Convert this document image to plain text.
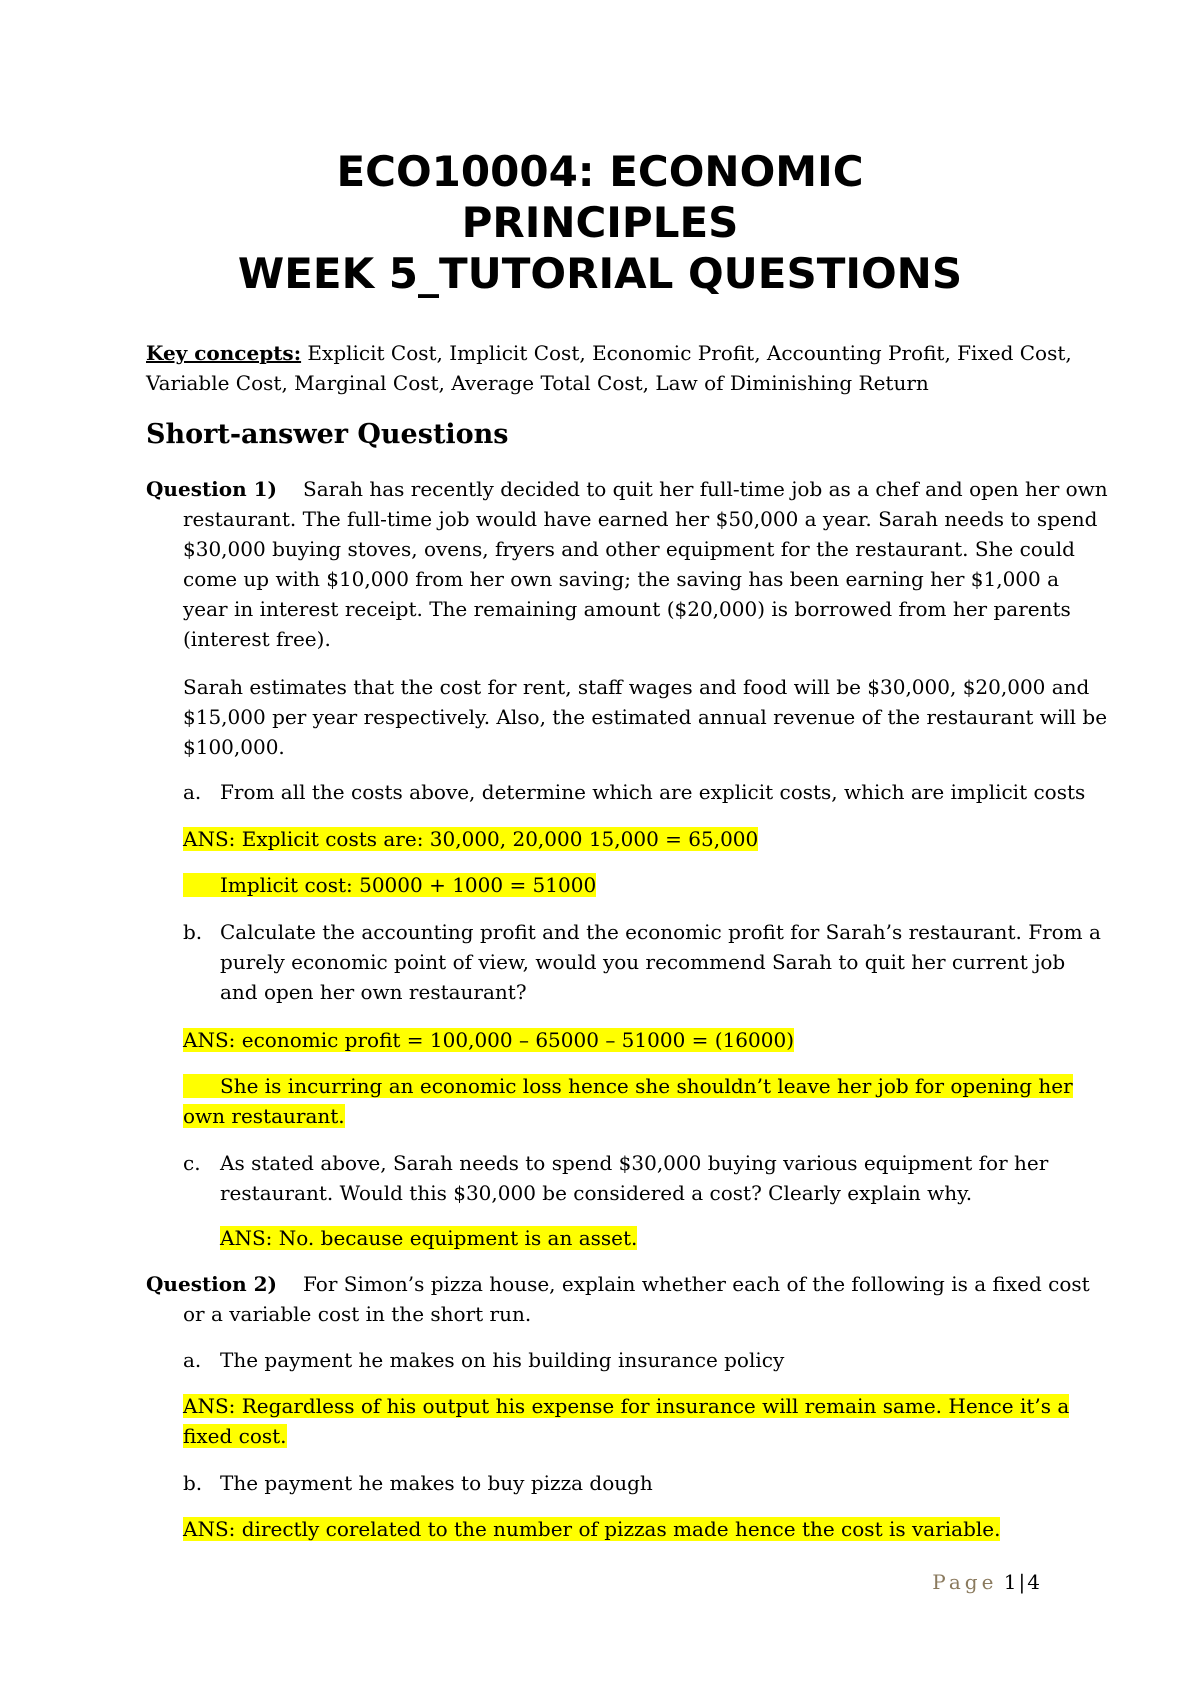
ECO10004: ECONOMIC
PRINCIPLES
WEEK 5_TUTORIAL QUESTIONS
Key concepts: Explicit Cost, Implicit Cost, Economic Profit, Accounting Profit, Fixed Cost,
Variable Cost, Marginal Cost, Average Total Cost, Law of Diminishing Return
Short-answer Questions
Question 1) Sarah has recently decided to quit her full-time job as a chef and open her own
restaurant. The full-time job would have earned her $50,000 a year. Sarah needs to spend
$30,000 buying stoves, ovens, fryers and other equipment for the restaurant. She could
come up with $10,000 from her own saving; the saving has been earning her $1,000 a
year in interest receipt. The remaining amount ($20,000) is borrowed from her parents
(interest free).
Sarah estimates that the cost for rent, staff wages and food will be $30,000, $20,000 and
$15,000 per year respectively. Also, the estimated annual revenue of the restaurant will be
$100,000.
a. From all the costs above, determine which are explicit costs, which are implicit costs
ANS: Explicit costs are: 30,000, 20,000 15,000 = 65,000
Implicit cost: 50000 + 1000 = 51000
b. Calculate the accounting profit and the economic profit for Sarah’s restaurant. From a
purely economic point of view, would you recommend Sarah to quit her current job
and open her own restaurant?
ANS: economic profit = 100,000 – 65000 – 51000 = (16000)
She is incurring an economic loss hence she shouldn’t leave her job for opening her
own restaurant.
c. As stated above, Sarah needs to spend $30,000 buying various equipment for her
restaurant. Would this $30,000 be considered a cost? Clearly explain why.
ANS: No. because equipment is an asset.
Question 2) For Simon’s pizza house, explain whether each of the following is a fixed cost
or a variable cost in the short run.
a. The payment he makes on his building insurance policy
ANS: Regardless of his output his expense for insurance will remain same. Hence it’s a
fixed cost.
b. The payment he makes to buy pizza dough
ANS: directly corelated to the number of pizzas made hence the cost is variable.
Page 1 | 4
